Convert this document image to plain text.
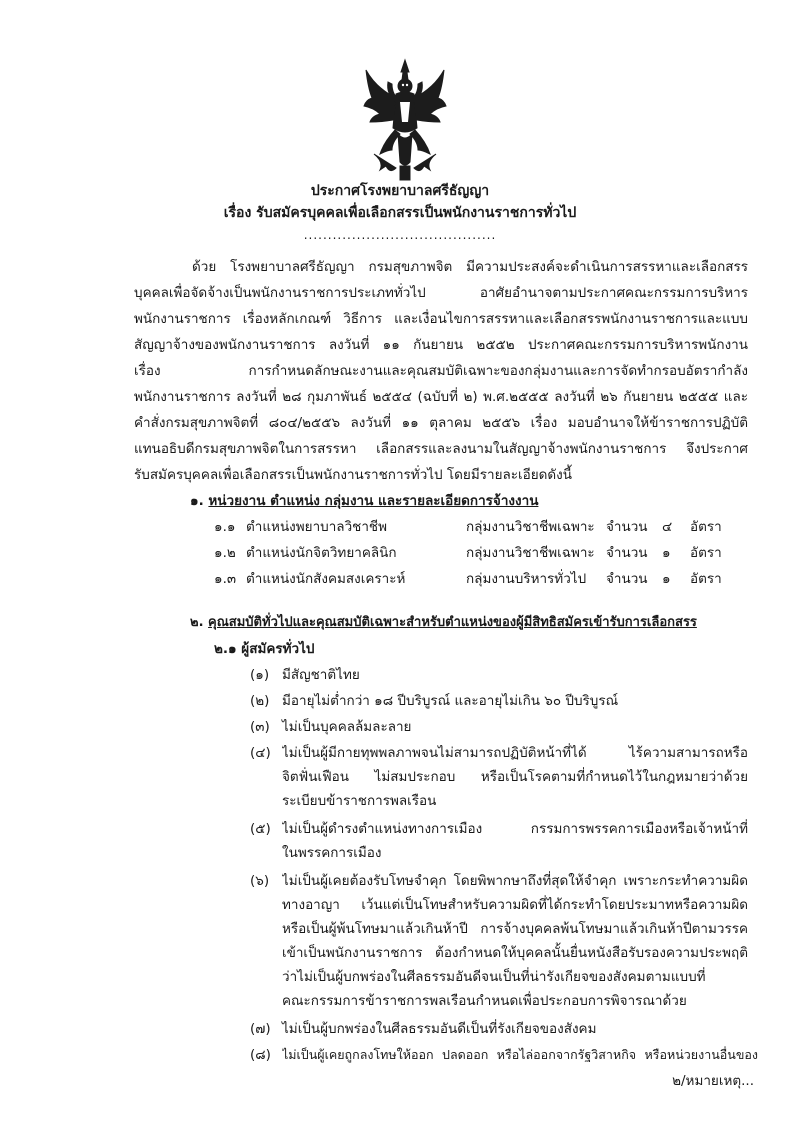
ประกาศโรงพยาบาลศรีธัญญา
เรื่อง รับสมัครบุคคลเพื่อเลือกสรรเป็นพนักงานราชการทั่วไป
........................................
ด้วย โรงพยาบาลศรีธัญญา กรมสุขภาพจิต มีความประสงค์จะดำเนินการสรรหาและเลือกสรร
บุคคลเพื่อจัดจ้างเป็นพนักงานราชการประเภททั่วไป อาศัยอำนาจตามประกาศคณะกรรมการบริหาร
พนักงานราชการ เรื่องหลักเกณฑ์ วิธีการ และเงื่อนไขการสรรหาและเลือกสรรพนักงานราชการและแบบ
สัญญาจ้างของพนักงานราชการ ลงวันที่ ๑๑ กันยายน ๒๕๕๒ ประกาศคณะกรรมการบริหารพนักงาน
เรื่อง การกำหนดลักษณะงานและคุณสมบัติเฉพาะของกลุ่มงานและการจัดทำกรอบอัตรากำลัง
พนักงานราชการ ลงวันที่ ๒๘ กุมภาพันธ์ ๒๕๕๔ (ฉบับที่ ๒) พ.ศ.๒๕๕๕ ลงวันที่ ๒๖ กันยายน ๒๕๕๕ และ
คำสั่งกรมสุขภาพจิตที่ ๘๐๔/๒๕๕๖ ลงวันที่ ๑๑ ตุลาคม ๒๕๕๖ เรื่อง มอบอำนาจให้ข้าราชการปฏิบัติ
แทนอธิบดีกรมสุขภาพจิตในการสรรหา เลือกสรรและลงนามในสัญญาจ้างพนักงานราชการ จึงประกาศ
รับสมัครบุคคลเพื่อเลือกสรรเป็นพนักงานราชการทั่วไป โดยมีรายละเอียดดังนี้
๑. หน่วยงาน ตำแหน่ง กลุ่มงาน และรายละเอียดการจ้างงาน
๑.๑ ตำแหน่งพยาบาลวิชาชีพ	กลุ่มงานวิชาชีพเฉพาะ จำนวน ๔ อัตรา
๑.๒ ตำแหน่งนักจิตวิทยาคลินิก	กลุ่มงานวิชาชีพเฉพาะ จำนวน ๑ อัตรา
๑.๓ ตำแหน่งนักสังคมสงเคราะห์	กลุ่มงานบริหารทั่วไป จำนวน ๑ อัตรา
๒. คุณสมบัติทั่วไปและคุณสมบัติเฉพาะสำหรับตำแหน่งของผู้มีสิทธิสมัครเข้ารับการเลือกสรร
๒.๑ ผู้สมัครทั่วไป
(๑) มีสัญชาติไทย
(๒) มีอายุไม่ต่ำกว่า ๑๘ ปีบริบูรณ์ และอายุไม่เกิน ๖๐ ปีบริบูรณ์
(๓) ไม่เป็นบุคคลล้มละลาย
(๔) ไม่เป็นผู้มีกายทุพพลภาพจนไม่สามารถปฏิบัติหน้าที่ได้ ไร้ความสามารถหรือ
จิตฟั่นเฟือน ไม่สมประกอบ หรือเป็นโรคตามที่กำหนดไว้ในกฎหมายว่าด้วย
ระเบียบข้าราชการพลเรือน
(๕) ไม่เป็นผู้ดำรงตำแหน่งทางการเมือง กรรมการพรรคการเมืองหรือเจ้าหน้าที่
ในพรรคการเมือง
(๖) ไม่เป็นผู้เคยต้องรับโทษจำคุก โดยพิพากษาถึงที่สุดให้จำคุก เพราะกระทำความผิด
ทางอาญา เว้นแต่เป็นโทษสำหรับความผิดที่ได้กระทำโดยประมาทหรือความผิด
หรือเป็นผู้พ้นโทษมาแล้วเกินห้าปี การจ้างบุคคลพ้นโทษมาแล้วเกินห้าปีตามวรรค
เข้าเป็นพนักงานราชการ ต้องกำหนดให้บุคคลนั้นยื่นหนังสือรับรองความประพฤติ
ว่าไม่เป็นผู้บกพร่องในศีลธรรมอันดีจนเป็นที่น่ารังเกียจของสังคมตามแบบที่
คณะกรรมการข้าราชการพลเรือนกำหนดเพื่อประกอบการพิจารณาด้วย
(๗) ไม่เป็นผู้บกพร่องในศีลธรรมอันดีเป็นที่รังเกียจของสังคม
(๘) ไม่เป็นผู้เคยถูกลงโทษให้ออก ปลดออก หรือไล่ออกจากรัฐวิสาหกิจ หรือหน่วยงานอื่นของ
๒/หมายเหตุ...
